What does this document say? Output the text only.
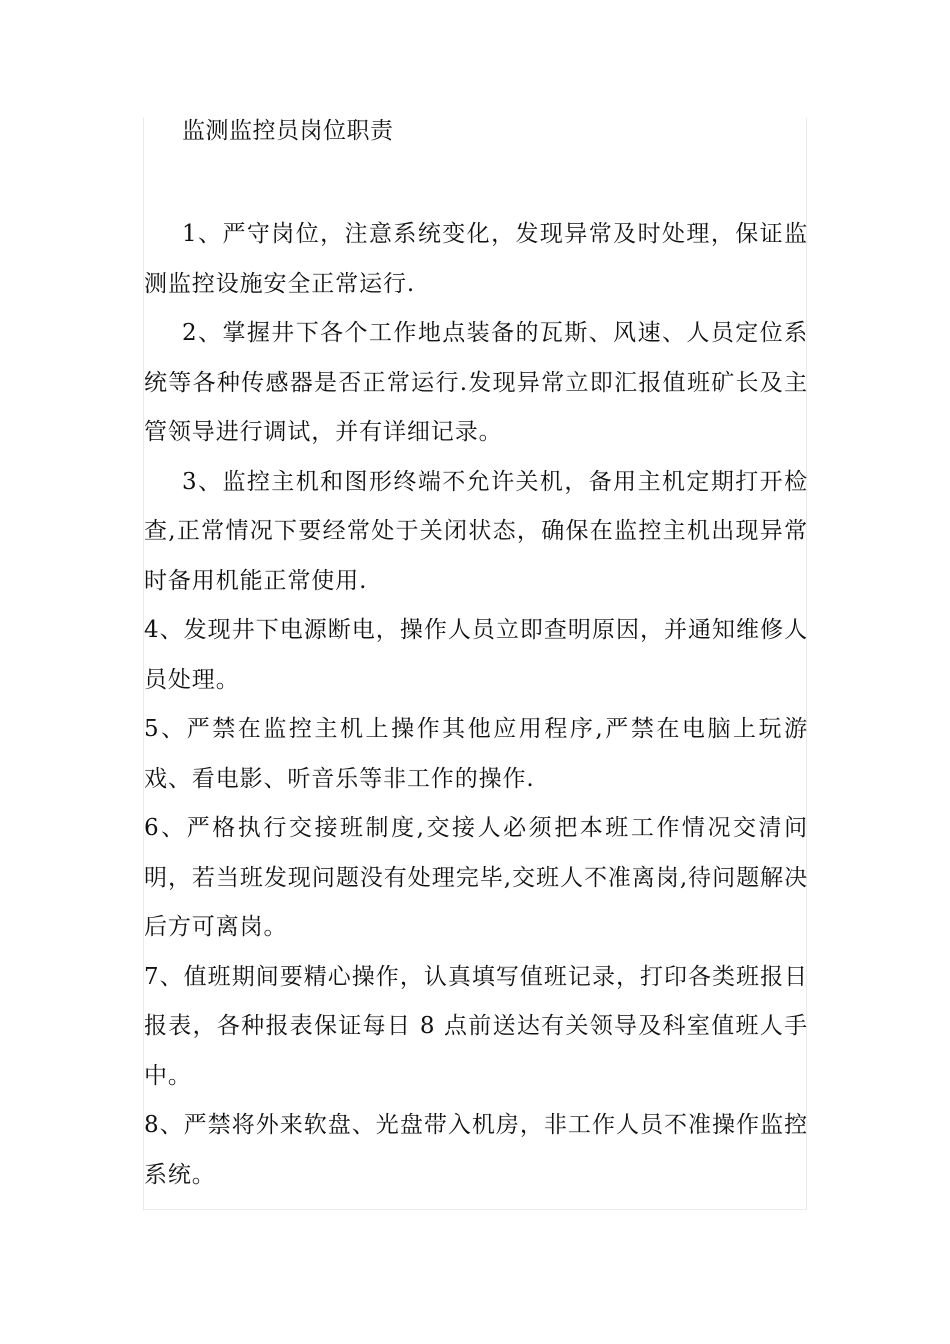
监测监控员岗位职责

1、严守岗位，注意系统变化，发现异常及时处理，保证监测监控设施安全正常运行.

2、掌握井下各个工作地点装备的瓦斯、风速、人员定位系统等各种传感器是否正常运行.发现异常立即汇报值班矿长及主管领导进行调试，并有详细记录。

3、监控主机和图形终端不允许关机，备用主机定期打开检查,正常情况下要经常处于关闭状态，确保在监控主机出现异常时备用机能正常使用.

4、发现井下电源断电，操作人员立即查明原因，并通知维修人员处理。

5、严禁在监控主机上操作其他应用程序,严禁在电脑上玩游戏、看电影、听音乐等非工作的操作.

6、严格执行交接班制度,交接人必须把本班工作情况交清问明，若当班发现问题没有处理完毕,交班人不准离岗,待问题解决后方可离岗。

7、值班期间要精心操作，认真填写值班记录，打印各类班报日报表，各种报表保证每日 8 点前送达有关领导及科室值班人手中。

8、严禁将外来软盘、光盘带入机房，非工作人员不准操作监控系统。
